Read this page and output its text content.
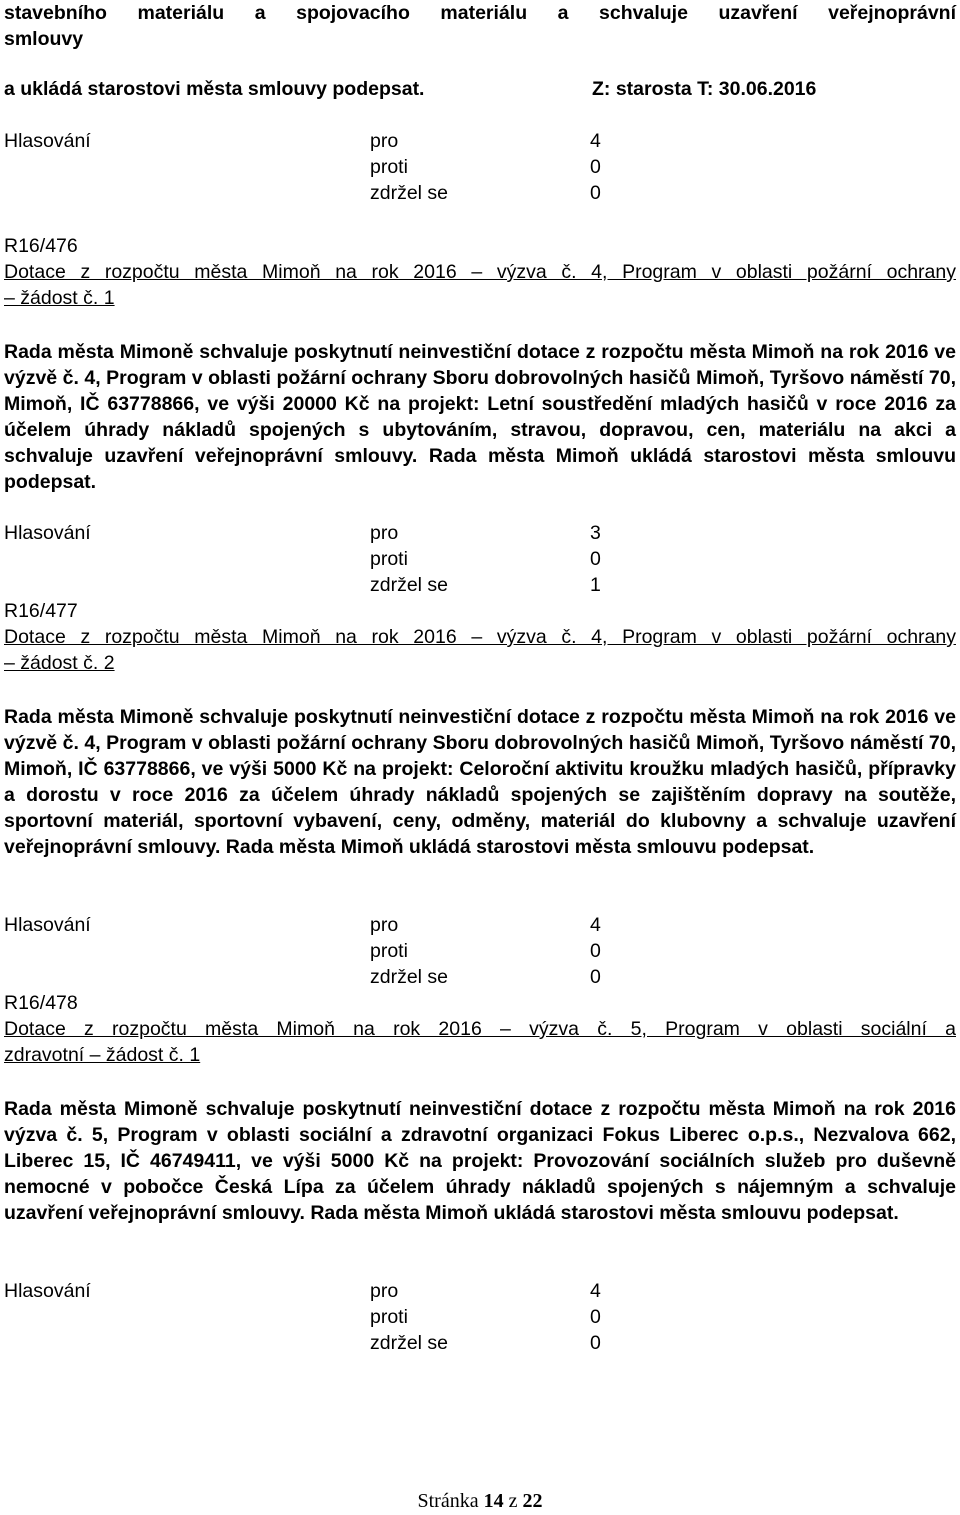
stavebního materiálu a spojovacího materiálu a schvaluje uzavření veřejnoprávní
smlouvy
a ukládá starostovi města smlouvy podepsat.	Z: starosta T: 30.06.2016
Hlasování	pro	4
proti	0
zdržel se	0
R16/476
Dotace z rozpočtu města Mimoň na rok 2016 – výzva č. 4, Program v oblasti požární ochrany
– žádost č. 1
Rada města Mimoně schvaluje poskytnutí neinvestiční dotace z rozpočtu města Mimoň na rok 2016 ve výzvě č. 4, Program v oblasti požární ochrany Sboru dobrovolných hasičů Mimoň, Tyršovo náměstí 70, Mimoň, IČ 63778866, ve výši 20000 Kč na projekt: Letní soustředění mladých hasičů v roce 2016 za účelem úhrady nákladů spojených s ubytováním, stravou, dopravou, cen, materiálu na akci a schvaluje uzavření veřejnoprávní smlouvy. Rada města Mimoň ukládá starostovi města smlouvu podepsat.
Hlasování	pro	3
proti	0
zdržel se	1
R16/477
Dotace z rozpočtu města Mimoň na rok 2016 – výzva č. 4, Program v oblasti požární ochrany
– žádost č. 2
Rada města Mimoně schvaluje poskytnutí neinvestiční dotace z rozpočtu města Mimoň na rok 2016 ve výzvě č. 4, Program v oblasti požární ochrany Sboru dobrovolných hasičů Mimoň, Tyršovo náměstí 70, Mimoň, IČ 63778866, ve výši 5000 Kč na projekt: Celoroční aktivitu kroužku mladých hasičů, přípravky a dorostu v roce 2016 za účelem úhrady nákladů spojených se zajištěním dopravy na soutěže, sportovní materiál, sportovní vybavení, ceny, odměny, materiál do klubovny a schvaluje uzavření veřejnoprávní smlouvy. Rada města Mimoň ukládá starostovi města smlouvu podepsat.
Hlasování	pro	4
proti	0
zdržel se	0
R16/478
Dotace z rozpočtu města Mimoň na rok 2016 – výzva č. 5, Program v oblasti sociální a
zdravotní – žádost č. 1
Rada města Mimoně schvaluje poskytnutí neinvestiční dotace z rozpočtu města Mimoň na rok 2016 výzva č. 5, Program v oblasti sociální a zdravotní organizaci Fokus Liberec o.p.s., Nezvalova 662, Liberec 15, IČ 46749411, ve výši 5000 Kč na projekt: Provozování sociálních služeb pro duševně nemocné v pobočce Česká Lípa za účelem úhrady nákladů spojených s nájemným a schvaluje uzavření veřejnoprávní smlouvy. Rada města Mimoň ukládá starostovi města smlouvu podepsat.
Hlasování	pro	4
proti	0
zdržel se	0
Stránka 14 z 22
